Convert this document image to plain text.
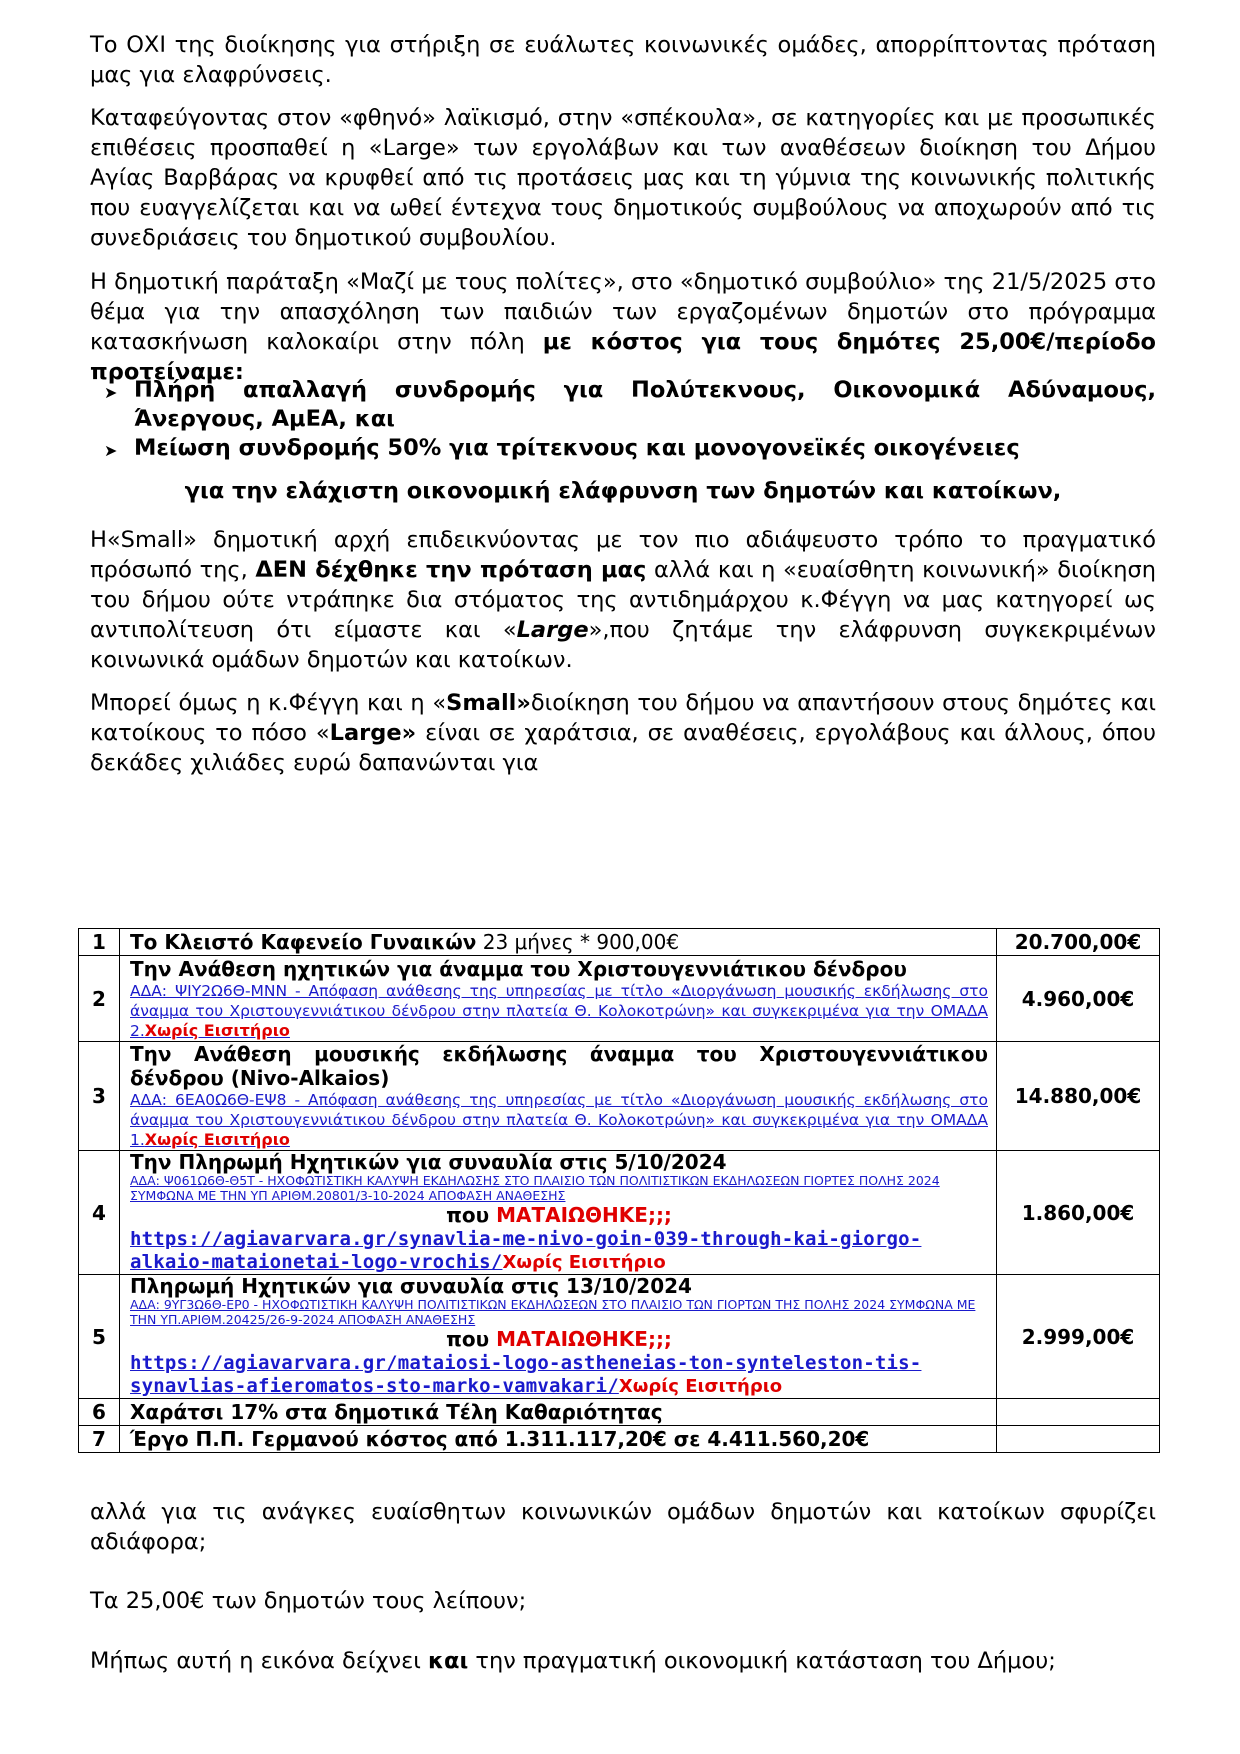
Το ΟΧΙ της διοίκησης για στήριξη σε ευάλωτες κοινωνικές ομάδες, απορρίπτοντας πρόταση μας για ελαφρύνσεις.
Καταφεύγοντας στον «φθηνό» λαϊκισμό, στην «σπέκουλα», σε κατηγορίες και με προσωπικές επιθέσεις προσπαθεί η «Large» των εργολάβων και των αναθέσεων διοίκηση του Δήμου Αγίας Βαρβάρας να κρυφθεί από τις προτάσεις μας και τη γύμνια της κοινωνικής πολιτικής που ευαγγελίζεται και να ωθεί έντεχνα τους δημοτικούς συμβούλους να αποχωρούν από τις συνεδριάσεις του δημοτικού συμβουλίου.
Η δημοτική παράταξη «Μαζί με τους πολίτες», στο «δημοτικό συμβούλιο» της 21/5/2025 στο θέμα για την απασχόληση των παιδιών των εργαζομένων δημοτών στο πρόγραμμα κατασκήνωση καλοκαίρι στην πόλη με κόστος για τους δημότες 25,00€/περίοδο προτείναμε:
➤ Πλήρη απαλλαγή συνδρομής για Πολύτεκνους, Οικονομικά Αδύναμους, Άνεργους, ΑμΕΑ, και
➤ Μείωση συνδρομής 50% για τρίτεκνους και μονογονεϊκές οικογένειες
για την ελάχιστη οικονομική ελάφρυνση των δημοτών και κατοίκων,
Η«Small» δημοτική αρχή επιδεικνύοντας με τον πιο αδιάψευστο τρόπο το πραγματικό πρόσωπό της, ΔΕΝ δέχθηκε την πρόταση μας αλλά και η «ευαίσθητη κοινωνική» διοίκηση του δήμου ούτε ντράπηκε δια στόματος της αντιδημάρχου κ.Φέγγη να μας κατηγορεί ως αντιπολίτευση ότι είμαστε και «Large»,που ζητάμε την ελάφρυνση συγκεκριμένων κοινωνικά ομάδων δημοτών και κατοίκων.
Μπορεί όμως η κ.Φέγγη και η «Small»διοίκηση του δήμου να απαντήσουν στους δημότες και κατοίκους το πόσο «Large» είναι σε χαράτσια, σε αναθέσεις, εργολάβους και άλλους, όπου δεκάδες χιλιάδες ευρώ δαπανώνται για
1	Το Κλειστό Καφενείο Γυναικών 23 μήνες * 900,00€	20.700,00€
2	Την Ανάθεση ηχητικών για άναμμα του Χριστουγεννιάτικου δένδρου
ΑΔΑ: ΨΙΥ2Ω6Θ-ΜΝΝ - Απόφαση ανάθεσης της υπηρεσίας με τίτλο «Διοργάνωση μουσικής εκδήλωσης στο άναμμα του Χριστουγεννιάτικου δένδρου στην πλατεία Θ. Κολοκοτρώνη» και συγκεκριμένα για την ΟΜΑΔΑ 2.Χωρίς Εισιτήριο	4.960,00€
3	Την Ανάθεση μουσικής εκδήλωσης άναμμα του Χριστουγεννιάτικου δένδρου (Nivo-Alkaios)
ΑΔΑ: 6ΕΑ0Ω6Θ-ΕΨ8 - Απόφαση ανάθεσης της υπηρεσίας με τίτλο «Διοργάνωση μουσικής εκδήλωσης στο άναμμα του Χριστουγεννιάτικου δένδρου στην πλατεία Θ. Κολοκοτρώνη» και συγκεκριμένα για την ΟΜΑΔΑ 1.Χωρίς Εισιτήριο	14.880,00€
4	Την Πληρωμή Ηχητικών για συναυλία στις 5/10/2024
ΑΔΑ: Ψ061Ω6Θ-Θ5Τ - ΗΧΟΦΩΤΙΣΤΙΚΗ ΚΑΛΥΨΗ ΕΚΔΗΛΩΣΗΣ ΣΤΟ ΠΛΑΙΣΙΟ ΤΩΝ ΠΟΛΙΤΙΣΤΙΚΩΝ ΕΚΔΗΛΩΣΕΩΝ ΓΙΟΡΤΕΣ ΠΟΛΗΣ 2024 ΣΥΜΦΩΝΑ ΜΕ ΤΗΝ ΥΠ ΑΡΙΘΜ.20801/3-10-2024 ΑΠΟΦΑΣΗ ΑΝΑΘΕΣΗΣ
που ΜΑΤΑΙΩΘΗΚΕ;;;
https://agiavarvara.gr/synavlia-me-nivo-goin-039-through-kai-giorgo-alkaio-mataionetai-logo-vrochis/Χωρίς Εισιτήριο	1.860,00€
5	Πληρωμή Ηχητικών για συναυλία στις 13/10/2024
ΑΔΑ: 9ΥΓ3Ω6Θ-ΕΡ0 - ΗΧΟΦΩΤΙΣΤΙΚΗ ΚΑΛΥΨΗ ΠΟΛΙΤΙΣΤΙΚΩΝ ΕΚΔΗΛΩΣΕΩΝ ΣΤΟ ΠΛΑΙΣΙΟ ΤΩΝ ΓΙΟΡΤΩΝ ΤΗΣ ΠΟΛΗΣ 2024 ΣΥΜΦΩΝΑ ΜΕ ΤΗΝ ΥΠ.ΑΡΙΘΜ.20425/26-9-2024 ΑΠΟΦΑΣΗ ΑΝΑΘΕΣΗΣ
που ΜΑΤΑΙΩΘΗΚΕ;;;
https://agiavarvara.gr/mataiosi-logo-astheneias-ton-synteleston-tis-synavlias-afieromatos-sto-marko-vamvakari/Χωρίς Εισιτήριο	2.999,00€
6	Χαράτσι 17% στα δημοτικά Τέλη Καθαριότητας	
7	Έργο Π.Π. Γερμανού κόστος από 1.311.117,20€ σε 4.411.560,20€	
αλλά για τις ανάγκες ευαίσθητων κοινωνικών ομάδων δημοτών και κατοίκων σφυρίζει αδιάφορα;
Τα 25,00€ των δημοτών τους λείπουν;
Μήπως αυτή η εικόνα δείχνει και την πραγματική οικονομική κατάσταση του Δήμου;
